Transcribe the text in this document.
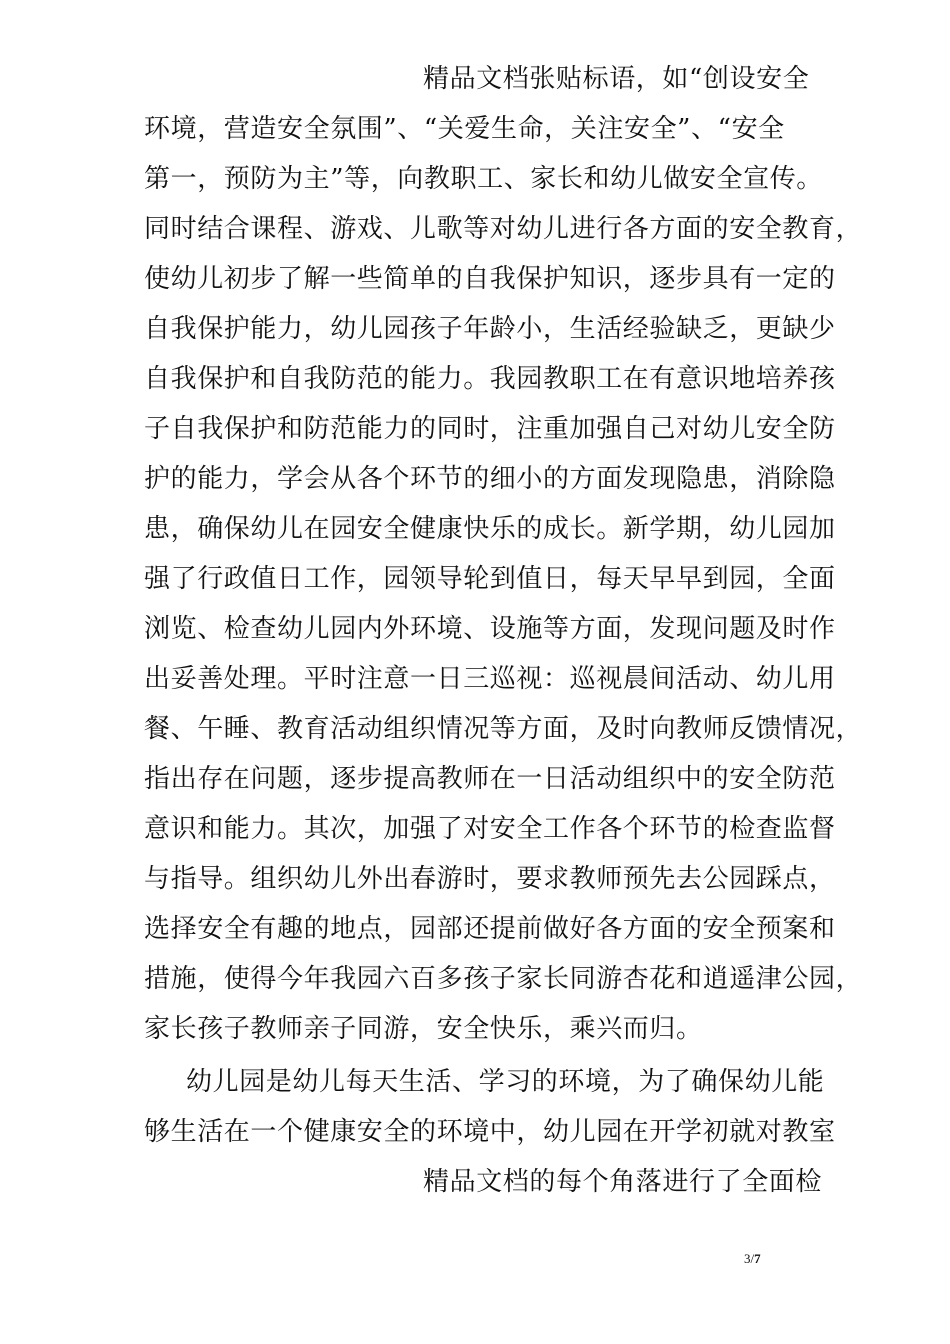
精品文档张贴标语，如“创设安全
环境，营造安全氛围”、“关爱生命，关注安全”、“安全
第一，预防为主”等，向教职工、家长和幼儿做安全宣传。
同时结合课程、游戏、儿歌等对幼儿进行各方面的安全教育，
使幼儿初步了解一些简单的自我保护知识，逐步具有一定的
自我保护能力，幼儿园孩子年龄小，生活经验缺乏，更缺少
自我保护和自我防范的能力。我园教职工在有意识地培养孩
子自我保护和防范能力的同时，注重加强自己对幼儿安全防
护的能力，学会从各个环节的细小的方面发现隐患，消除隐
患，确保幼儿在园安全健康快乐的成长。新学期，幼儿园加
强了行政值日工作，园领导轮到值日，每天早早到园，全面
浏览、检查幼儿园内外环境、设施等方面，发现问题及时作
出妥善处理。平时注意一日三巡视：巡视晨间活动、幼儿用
餐、午睡、教育活动组织情况等方面，及时向教师反馈情况，
指出存在问题，逐步提高教师在一日活动组织中的安全防范
意识和能力。其次，加强了对安全工作各个环节的检查监督
与指导。组织幼儿外出春游时，要求教师预先去公园踩点，
选择安全有趣的地点，园部还提前做好各方面的安全预案和
措施，使得今年我园六百多孩子家长同游杏花和逍遥津公园，
家长孩子教师亲子同游，安全快乐，乘兴而归。
幼儿园是幼儿每天生活、学习的环境，为了确保幼儿能
够生活在一个健康安全的环境中，幼儿园在开学初就对教室
精品文档的每个角落进行了全面检
3/7
